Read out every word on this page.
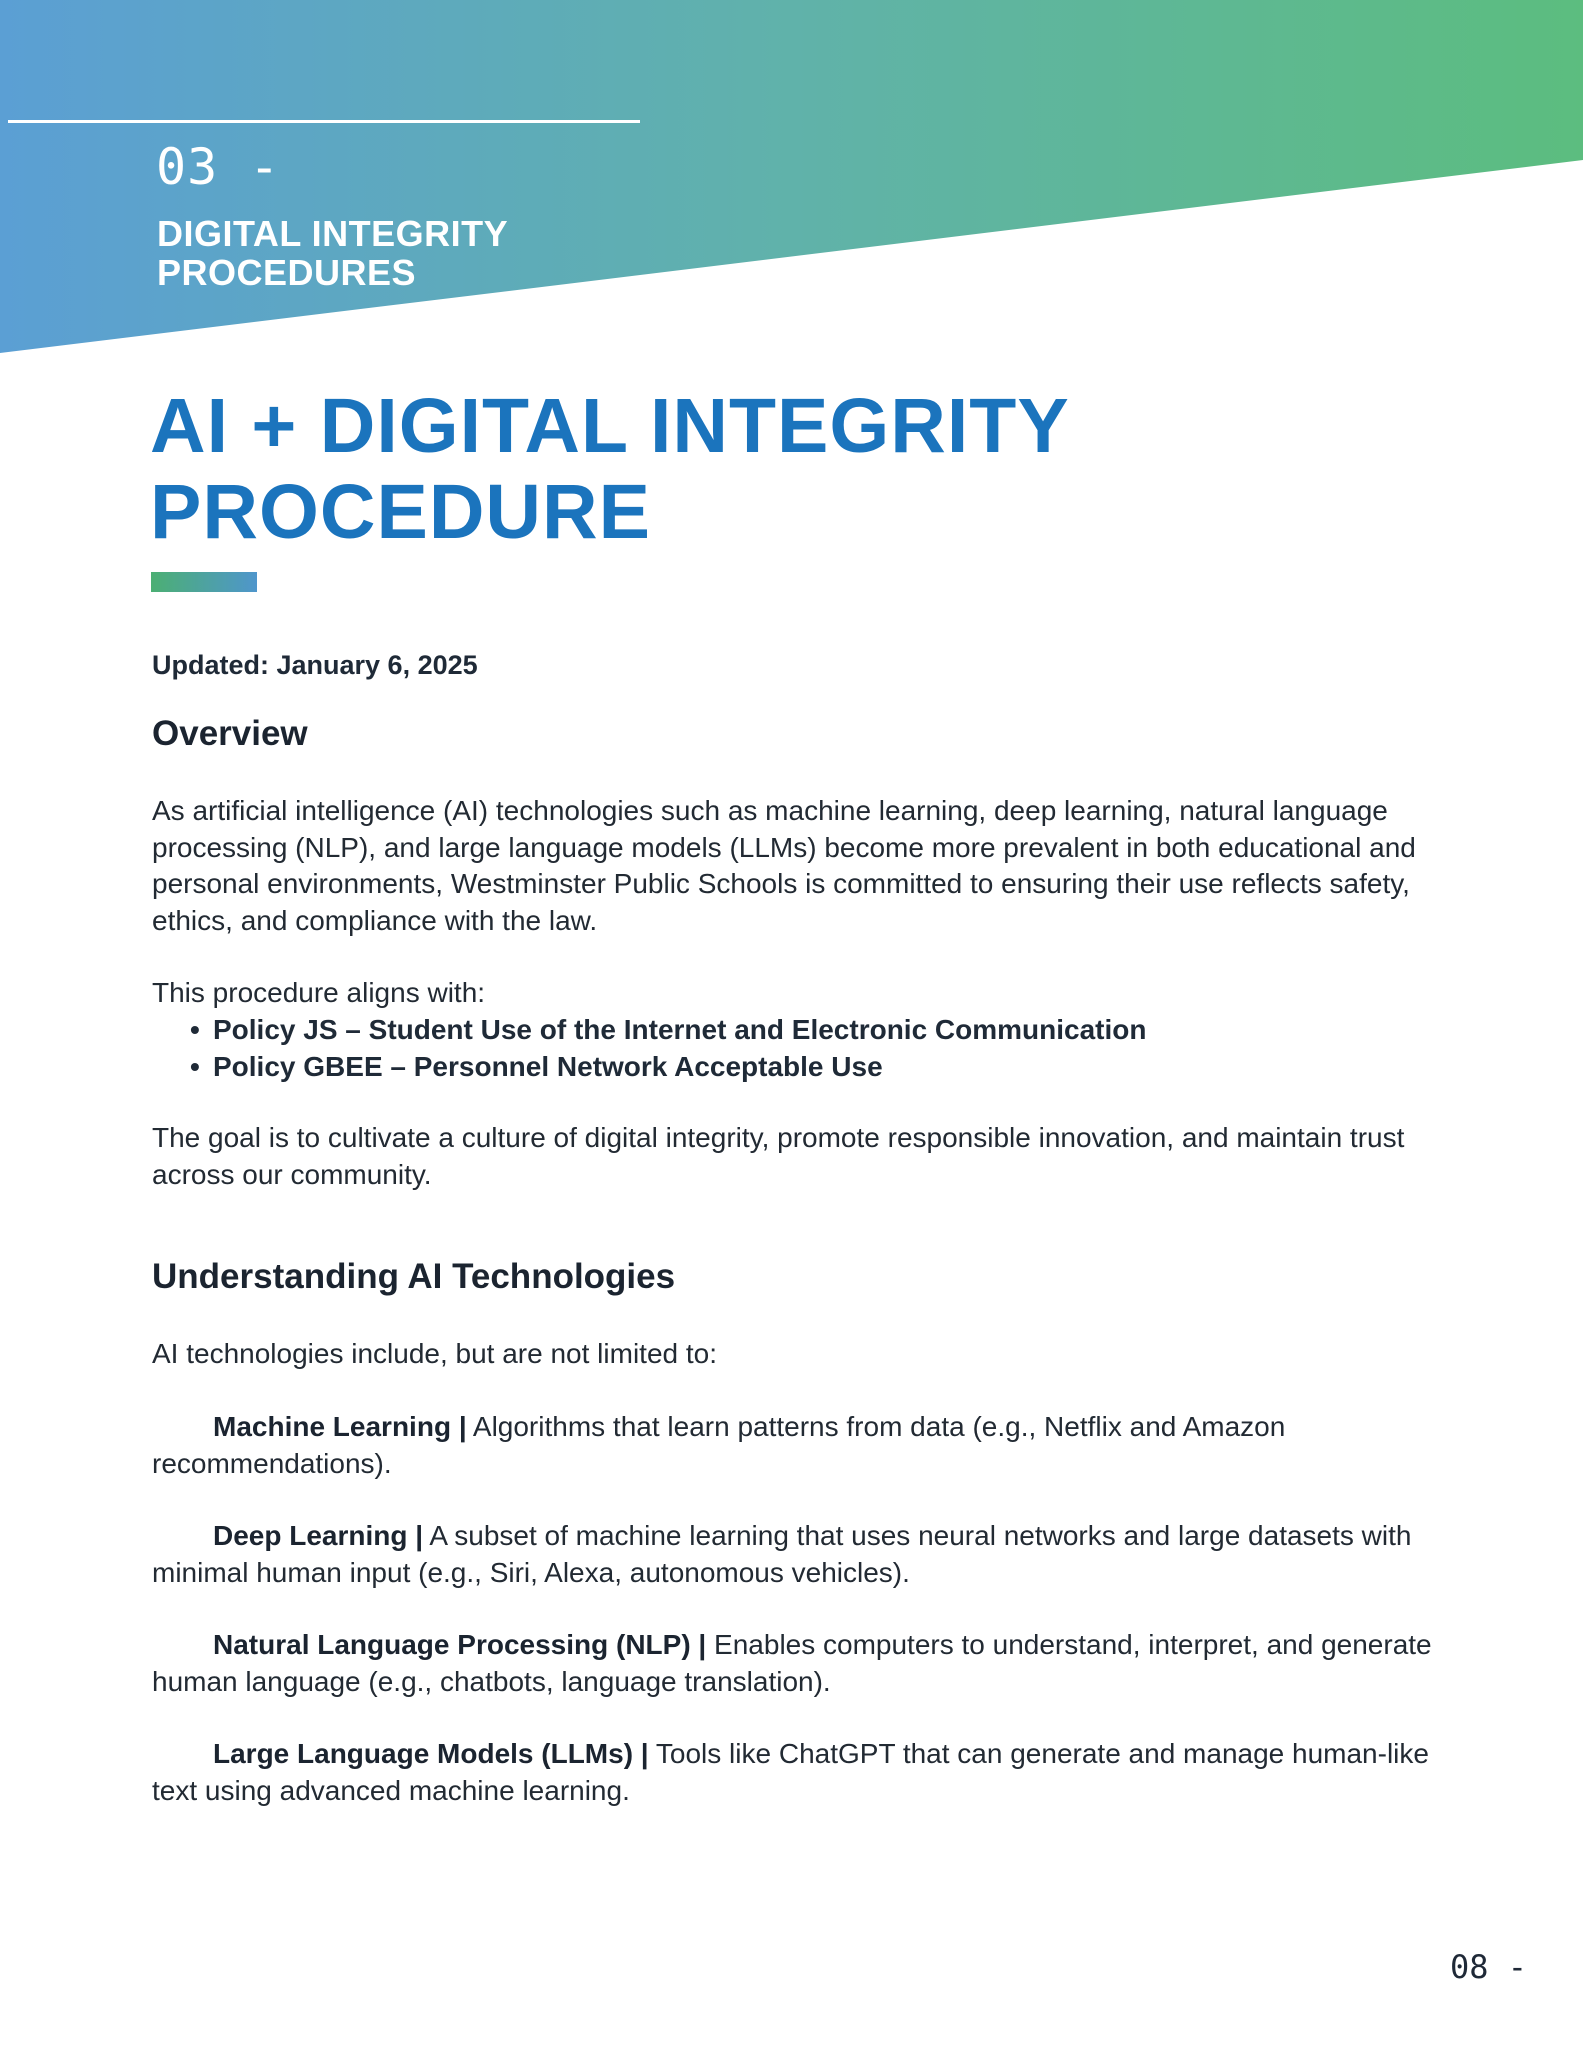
03 -
DIGITAL INTEGRITY
PROCEDURES
AI + DIGITAL INTEGRITY
PROCEDURE
Updated: January 6, 2025
Overview

As artificial intelligence (AI) technologies such as machine learning, deep learning, natural language processing (NLP), and large language models (LLMs) become more prevalent in both educational and personal environments, Westminster Public Schools is committed to ensuring their use reflects safety, ethics, and compliance with the law.

This procedure aligns with:

• Policy JS – Student Use of the Internet and Electronic Communication
• Policy GBEE – Personnel Network Acceptable Use

The goal is to cultivate a culture of digital integrity, promote responsible innovation, and maintain trust across our community.

Understanding AI Technologies

AI technologies include, but are not limited to:

Machine Learning | Algorithms that learn patterns from data (e.g., Netflix and Amazon recommendations).

Deep Learning | A subset of machine learning that uses neural networks and large datasets with minimal human input (e.g., Siri, Alexa, autonomous vehicles).

Natural Language Processing (NLP) | Enables computers to understand, interpret, and generate human language (e.g., chatbots, language translation).

Large Language Models (LLMs) | Tools like ChatGPT that can generate and manage human-like text using advanced machine learning.

08 -
